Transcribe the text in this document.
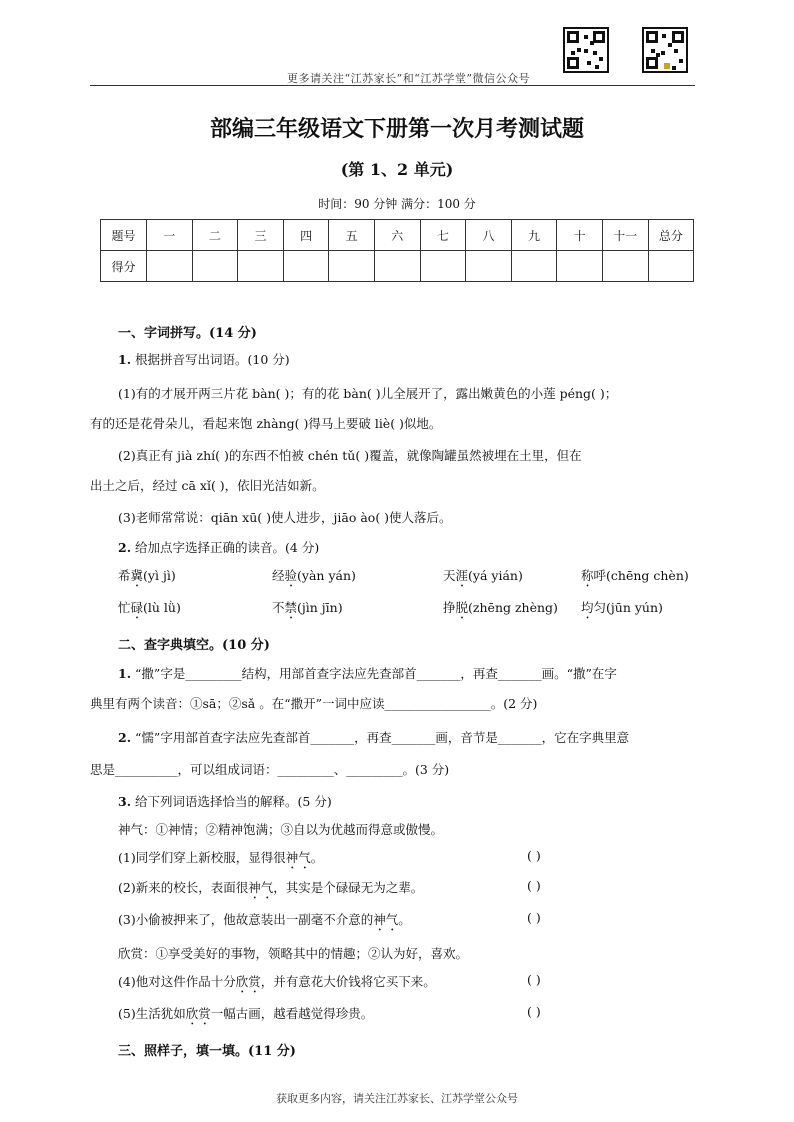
更多请关注“江苏家长”和“江苏学堂”微信公众号
部编三年级语文下册第一次月考测试题
(第 1、2 单元)
时间：90 分钟 满分：100 分
题号	一	二	三	四	五	六	七	八	九	十	十一	总分
得分												
一、字词拼写。(14 分)
1. 根据拼音写出词语。(10 分)
(1)有的才展开两三片花 bàn( )；有的花 bàn( )儿全展开了，露出嫩黄色的小莲 péng( )；
有的还是花骨朵儿，看起来饱 zhàng( )得马上要破 liè( )似地。
(2)真正有 jià zhí( )的东西不怕被 chén tǔ( )覆盖，就像陶罐虽然被埋在土里，但在
出土之后，经过 cā xǐ( )，依旧光洁如新。
(3)老师常常说：qiān xū( )使人进步，jiāo ào( )使人落后。
2. 给加点字选择正确的读音。(4 分)
希冀(yì jì)	经验(yàn yán)	天涯(yá yián)	称呼(chēng chèn)
忙碌(lù lǜ)	不禁(jìn jīn)	挣脱(zhēng zhèng) 均匀(jūn yún)
二、查字典填空。(10 分)
1. “撒”字是_________结构，用部首查字法应先查部首_______，再查_______画。“撒”在字
典里有两个读音：①sā；②sǎ 。在“撒开”一词中应读_________________。(2 分)
2. “懦”字用部首查字法应先查部首_______，再查_______画，音节是_______，它在字典里意
思是__________，可以组成词语：_________、_________。(3 分)
3. 给下列词语选择恰当的解释。(5 分)
神气：①神情；②精神饱满；③自以为优越而得意或傲慢。
(1)同学们穿上新校服，显得很神气。	( )
(2)新来的校长，表面很神气，其实是个碌碌无为之辈。	( )
(3)小偷被押来了，他故意装出一副毫不介意的神气。	( )
欣赏：①享受美好的事物，领略其中的情趣；②认为好，喜欢。
(4)他对这件作品十分欣赏，并有意花大价钱将它买下来。	( )
(5)生活犹如欣赏一幅古画，越看越觉得珍贵。	( )
三、照样子，填一填。(11 分)
获取更多内容，请关注江苏家长、江苏学堂公众号
